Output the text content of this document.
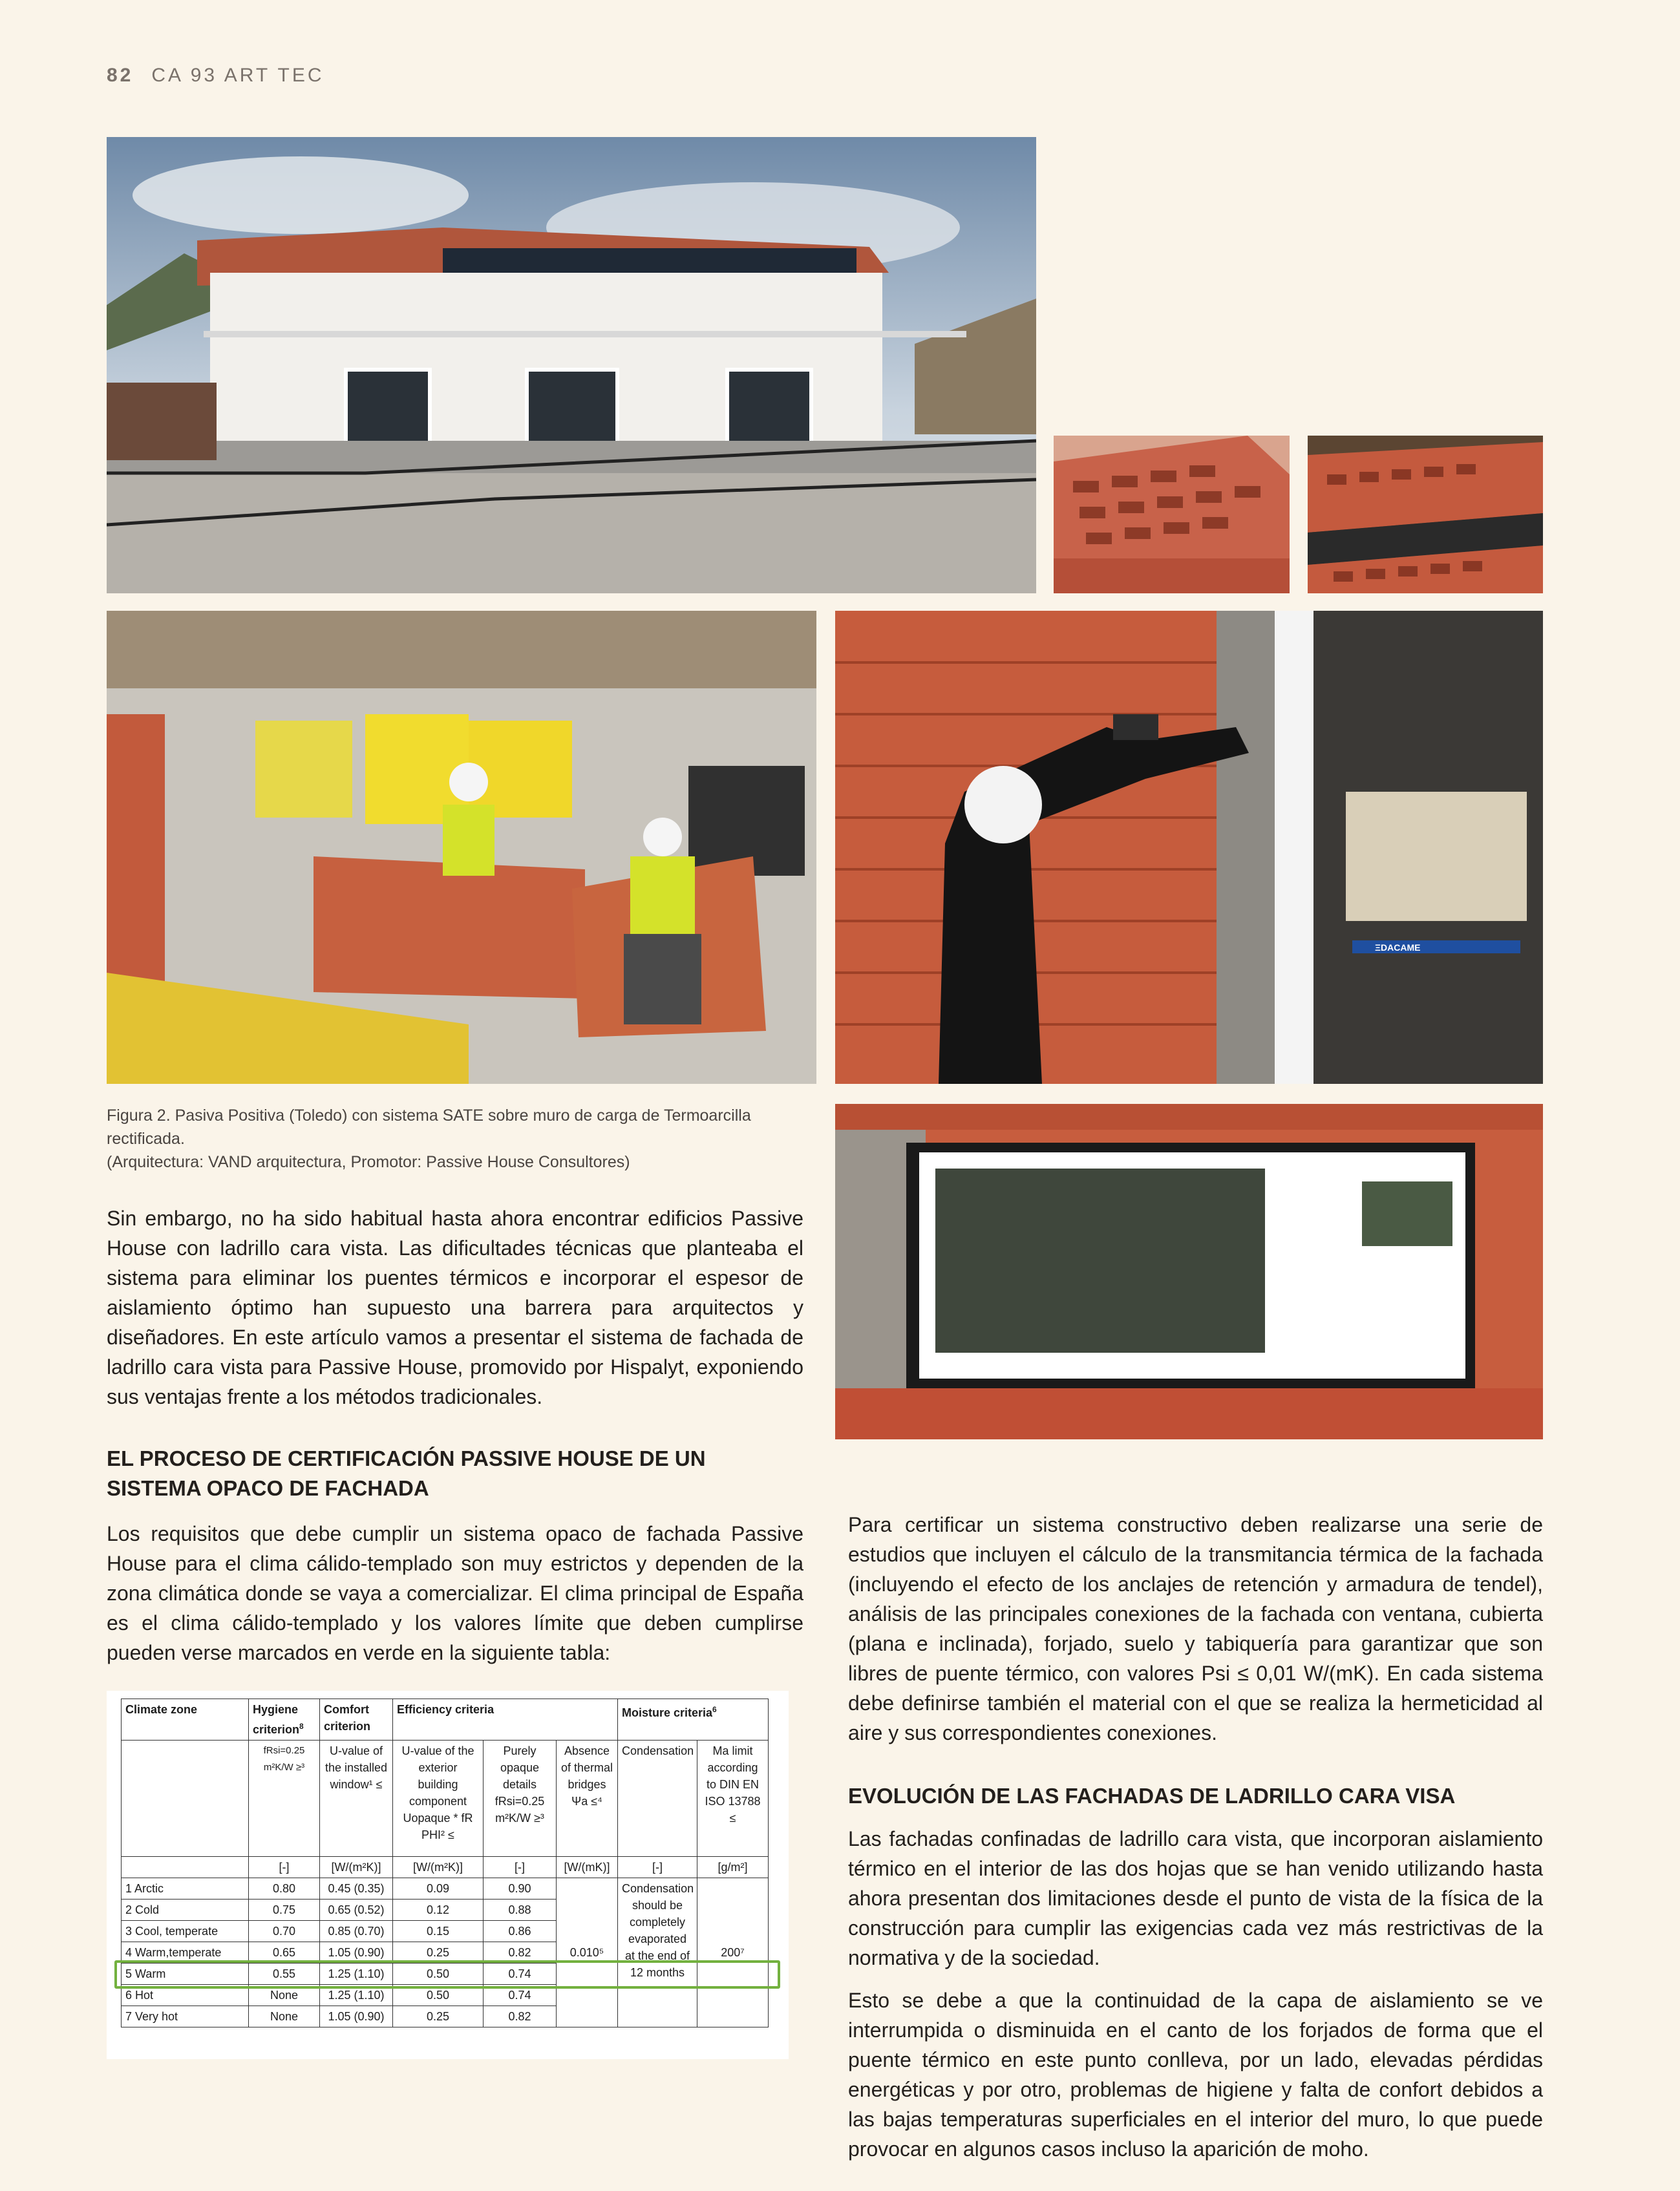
82 CA 93 ART TEC
ΞDACAME
Figura 2. Pasiva Positiva (Toledo) con sistema SATE sobre muro de carga de Termoarcilla rectificada.
(Arquitectura: VAND arquitectura, Promotor: Passive House Consultores)

Sin embargo, no ha sido habitual hasta ahora encontrar edificios Passive House con ladrillo cara vista. Las dificultades técnicas que planteaba el sistema para eliminar los puentes térmicos e incorporar el espesor de aislamiento óptimo han supuesto una barrera para arquitectos y diseñadores. En este artículo vamos a presentar el sistema de fachada de ladrillo cara vista para Passive House, promovido por Hispalyt, exponiendo sus ventajas frente a los métodos tradicionales.

EL PROCESO DE CERTIFICACIÓN PASSIVE HOUSE DE UN SISTEMA OPACO DE FACHADA

Los requisitos que debe cumplir un sistema opaco de fachada Passive House para el clima cálido-templado son muy estrictos y dependen de la zona climática donde se vaya a comercializar. El clima principal de España es el clima cálido-templado y los valores límite que deben cumplirse pueden verse marcados en verde en la siguiente tabla:

Para certificar un sistema constructivo deben realizarse una serie de estudios que incluyen el cálculo de la transmitancia térmica de la fachada (incluyendo el efecto de los anclajes de retención y armadura de tendel), análisis de las principales conexiones de la fachada con ventana, cubierta (plana e inclinada), forjado, suelo y tabiquería para garantizar que son libres de puente térmico, con valores Psi ≤ 0,01 W/(mK). En cada sistema debe definirse también el material con el que se realiza la hermeticidad al aire y sus correspondientes conexiones.

EVOLUCIÓN DE LAS FACHADAS DE LADRILLO CARA VISA

Las fachadas confinadas de ladrillo cara vista, que incorporan aislamiento térmico en el interior de las dos hojas que se han venido utilizando hasta ahora presentan dos limitaciones desde el punto de vista de la física de la construcción para cumplir las exigencias cada vez más restrictivas de la normativa y de la sociedad.

Esto se debe a que la continuidad de la capa de aislamiento se ve interrumpida o disminuida en el canto de los forjados de forma que el puente térmico en este punto conlleva, por un lado, elevadas pérdidas energéticas y por otro, problemas de higiene y falta de confort debidos a las bajas temperaturas superficiales en el interior del muro, lo que puede provocar en algunos casos incluso la aparición de moho.

Climate zone	Hygiene criterion$^8$	Comfort criterion	Efficiency criteria			Moisture criteria$^6$
	fRsi=0.25 m²K/W ≥³	U-value of the installed window¹ ≤	U-value of the exterior building component Uopaque * fR PHI² ≤	Purely opaque details fRsi=0.25 m²K/W ≥³	Absence of thermal bridges Ψa ≤⁴	Condensation	Ma limit according to DIN EN ISO 13788 ≤
	[-]	[W/(m²K)]	[W/(m²K)]	[-]	[W/(mK)]	[-]	[g/m²]
1 Arctic	0.80	0.45 (0.35)	0.09	0.90	0.010⁵	Condensation should be completely evaporated at the end of 12 months	200⁷
2 Cold	0.75	0.65 (0.52)	0.12	0.88			
3 Cool, temperate	0.70	0.85 (0.70)	0.15	0.86			
4 Warm,temperate	0.65	1.05 (0.90)	0.25	0.82			
5 Warm	0.55	1.25 (1.10)	0.50	0.74			
6 Hot	None	1.25 (1.10)	0.50	0.74			
7 Very hot	None	1.05 (0.90)	0.25	0.82			
